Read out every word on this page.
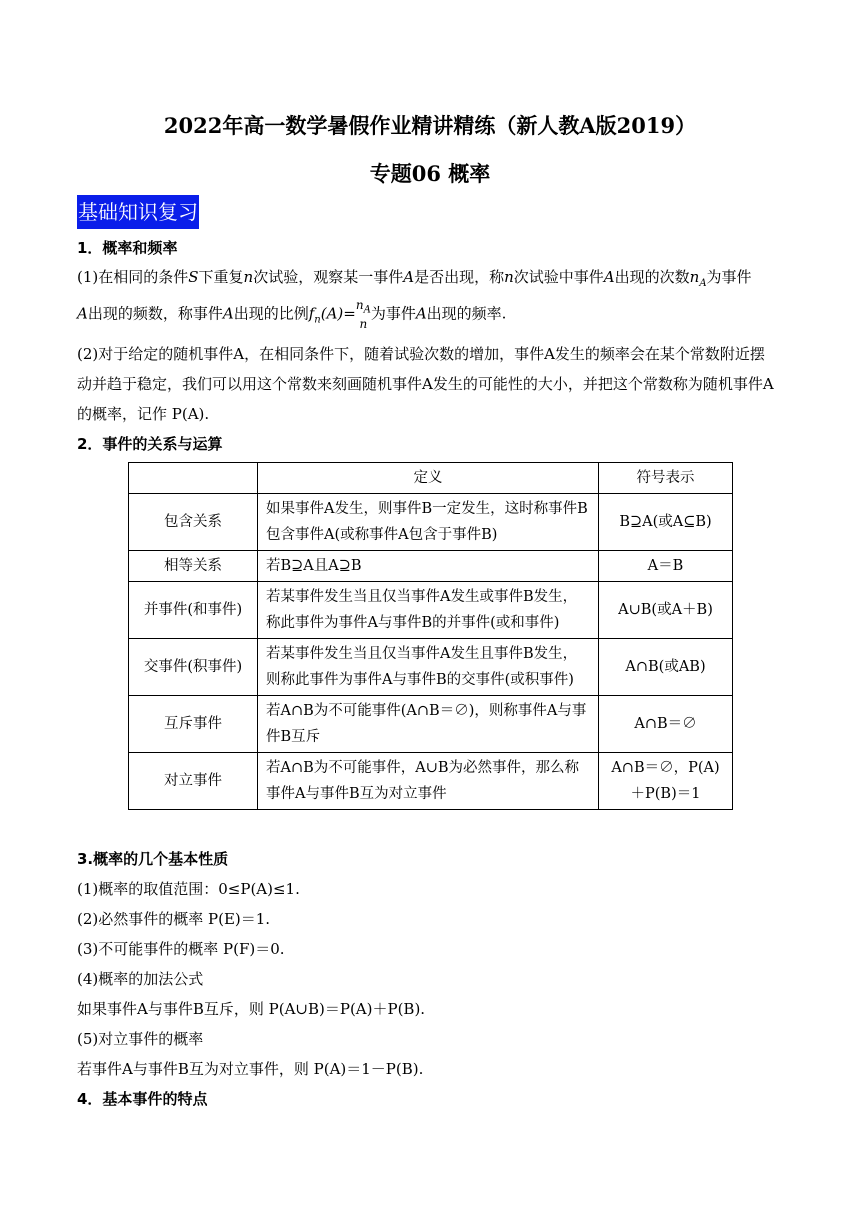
2022年高一数学暑假作业精讲精练（新人教A版2019）
专题06 概率
基础知识复习
1．概率和频率
(1)在相同的条件S下重复n次试验，观察某一事件A是否出现，称n次试验中事件A出现的次数$n_A$为事件
A出现的频数，称事件A出现的比例$f_n(A)= n_A$
n
为事件A出现的频率.
(2)对于给定的随机事件A，在相同条件下，随着试验次数的增加，事件A发生的频率会在某个常数附近摆
动并趋于稳定，我们可以用这个常数来刻画随机事件A发生的可能性的大小，并把这个常数称为随机事件A
的概率，记作 P(A).
2．事件的关系与运算
	定义	符号表示
包含关系	如果事件A发生，则事件B一定发生，这时称事件B包含事件A(或称事件A包含于事件B)	B⊇A(或A⊆B)
相等关系	若B⊇A且A⊇B	A＝B
并事件(和事件)	若某事件发生当且仅当事件A发生或事件B发生，称此事件为事件A与事件B的并事件(或和事件)	A∪B(或A＋B)
交事件(积事件)	若某事件发生当且仅当事件A发生且事件B发生，则称此事件为事件A与事件B的交事件(或积事件)	A∩B(或AB)
互斥事件	若A∩B为不可能事件(A∩B＝∅)，则称事件A与事件B互斥	A∩B＝∅
对立事件	若A∩B为不可能事件，A∪B为必然事件，那么称事件A与事件B互为对立事件	A∩B＝∅，P(A)＋P(B)＝1
3.概率的几个基本性质
(1)概率的取值范围：0≤P(A)≤1.
(2)必然事件的概率 P(E)＝1.
(3)不可能事件的概率 P(F)＝0.
(4)概率的加法公式
如果事件A与事件B互斥，则 P(A∪B)＝P(A)＋P(B).
(5)对立事件的概率
若事件A与事件B互为对立事件，则 P(A)＝1－P(B).
4．基本事件的特点
